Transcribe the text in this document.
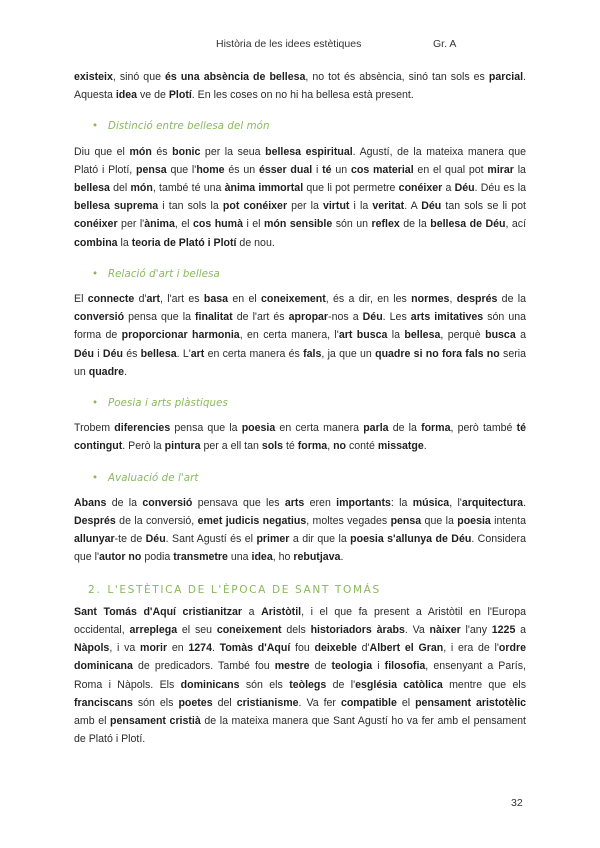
Història de les idees estètiques	Gr. A

existeix, sinó que és una absència de bellesa, no tot és absència, sinó tan sols es parcial. Aquesta idea ve de Plotí. En les coses on no hi ha bellesa està present.

• Distinció entre bellesa del món

Diu que el món és bonic per la seua bellesa espiritual. Agustí, de la mateixa manera que Plató i Plotí, pensa que l'home és un ésser dual i té un cos material en el qual pot mirar la bellesa del món, també té una ànima immortal que li pot permetre conéixer a Déu. Déu es la bellesa suprema i tan sols la pot conéixer per la virtut i la veritat. A Déu tan sols se li pot conéixer per l'ànima, el cos humà i el món sensible són un reflex de la bellesa de Déu, ací combina la teoria de Plató i Plotí de nou.

• Relació d'art i bellesa

El connecte d'art, l'art es basa en el coneixement, és a dir, en les normes, després de la conversió pensa que la finalitat de l'art és apropar-nos a Déu. Les arts imitatives són una forma de proporcionar harmonia, en certa manera, l'art busca la bellesa, perquè busca a Déu i Déu és bellesa. L'art en certa manera és fals, ja que un quadre si no fora fals no seria un quadre.

• Poesia i arts plàstiques

Trobem diferencies pensa que la poesia en certa manera parla de la forma, però també té contingut. Però la pintura per a ell tan sols té forma, no conté missatge.

• Avaluació de l'art

Abans de la conversió pensava que les arts eren importants: la música, l'arquitectura. Després de la conversió, emet judicis negatius, moltes vegades pensa que la poesia intenta allunyar-te de Déu. Sant Agustí és el primer a dir que la poesia s'allunya de Déu. Considera que l'autor no podia transmetre una idea, ho rebutjava.

2. L'ESTÈTICA DE L'ÈPOCA DE SANT TOMÁS

Sant Tomás d'Aquí cristianitzar a Aristòtil, i el que fa present a Aristòtil en l'Europa occidental, arreplega el seu coneixement dels historiadors àrabs. Va nàixer l'any 1225 a Nàpols, i va morir en 1274. Tomàs d'Aquí fou deixeble d'Albert el Gran, i era de l'ordre dominicana de predicadors. També fou mestre de teologia i filosofia, ensenyant a París, Roma i Nàpols. Els dominicans són els teòlegs de l'església catòlica mentre que els franciscans són els poetes del cristianisme. Va fer compatible el pensament aristotèlic amb el pensament cristià de la mateixa manera que Sant Agustí ho va fer amb el pensament de Plató i Plotí.

32
